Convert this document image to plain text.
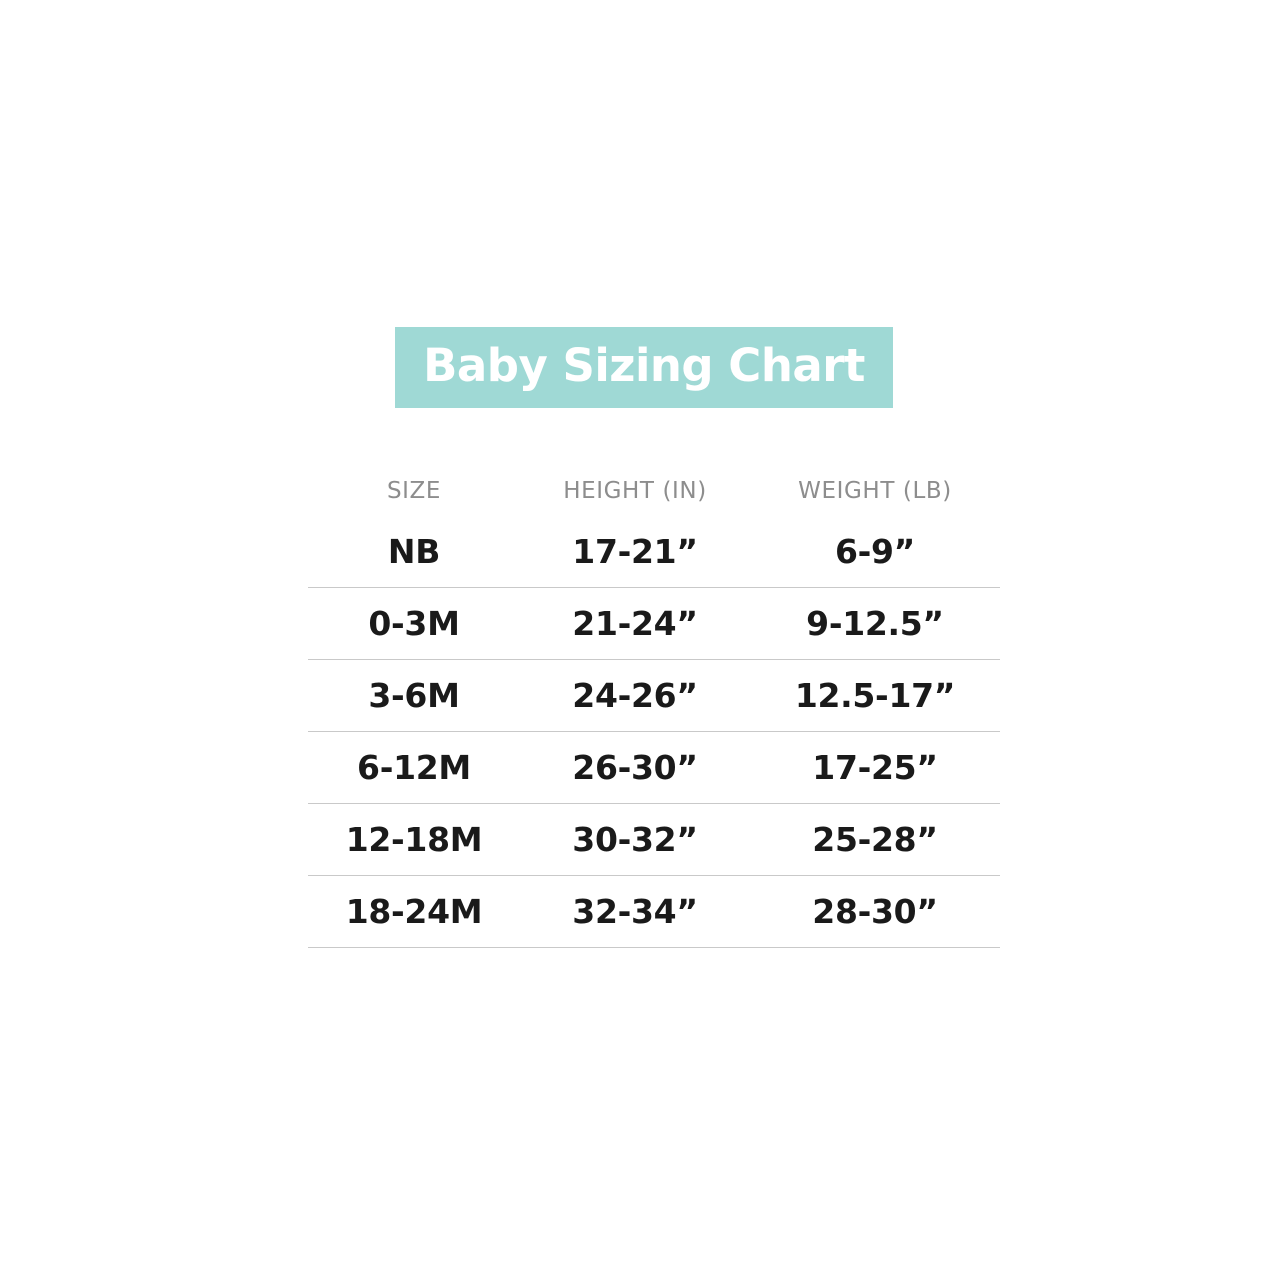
Baby Sizing Chart
SIZE	HEIGHT (IN)	WEIGHT (LB)
NB	17-21”	6-9”
0-3M	21-24”	9-12.5”
3-6M	24-26”	12.5-17”
6-12M	26-30”	17-25”
12-18M	30-32”	25-28”
18-24M	32-34”	28-30”
